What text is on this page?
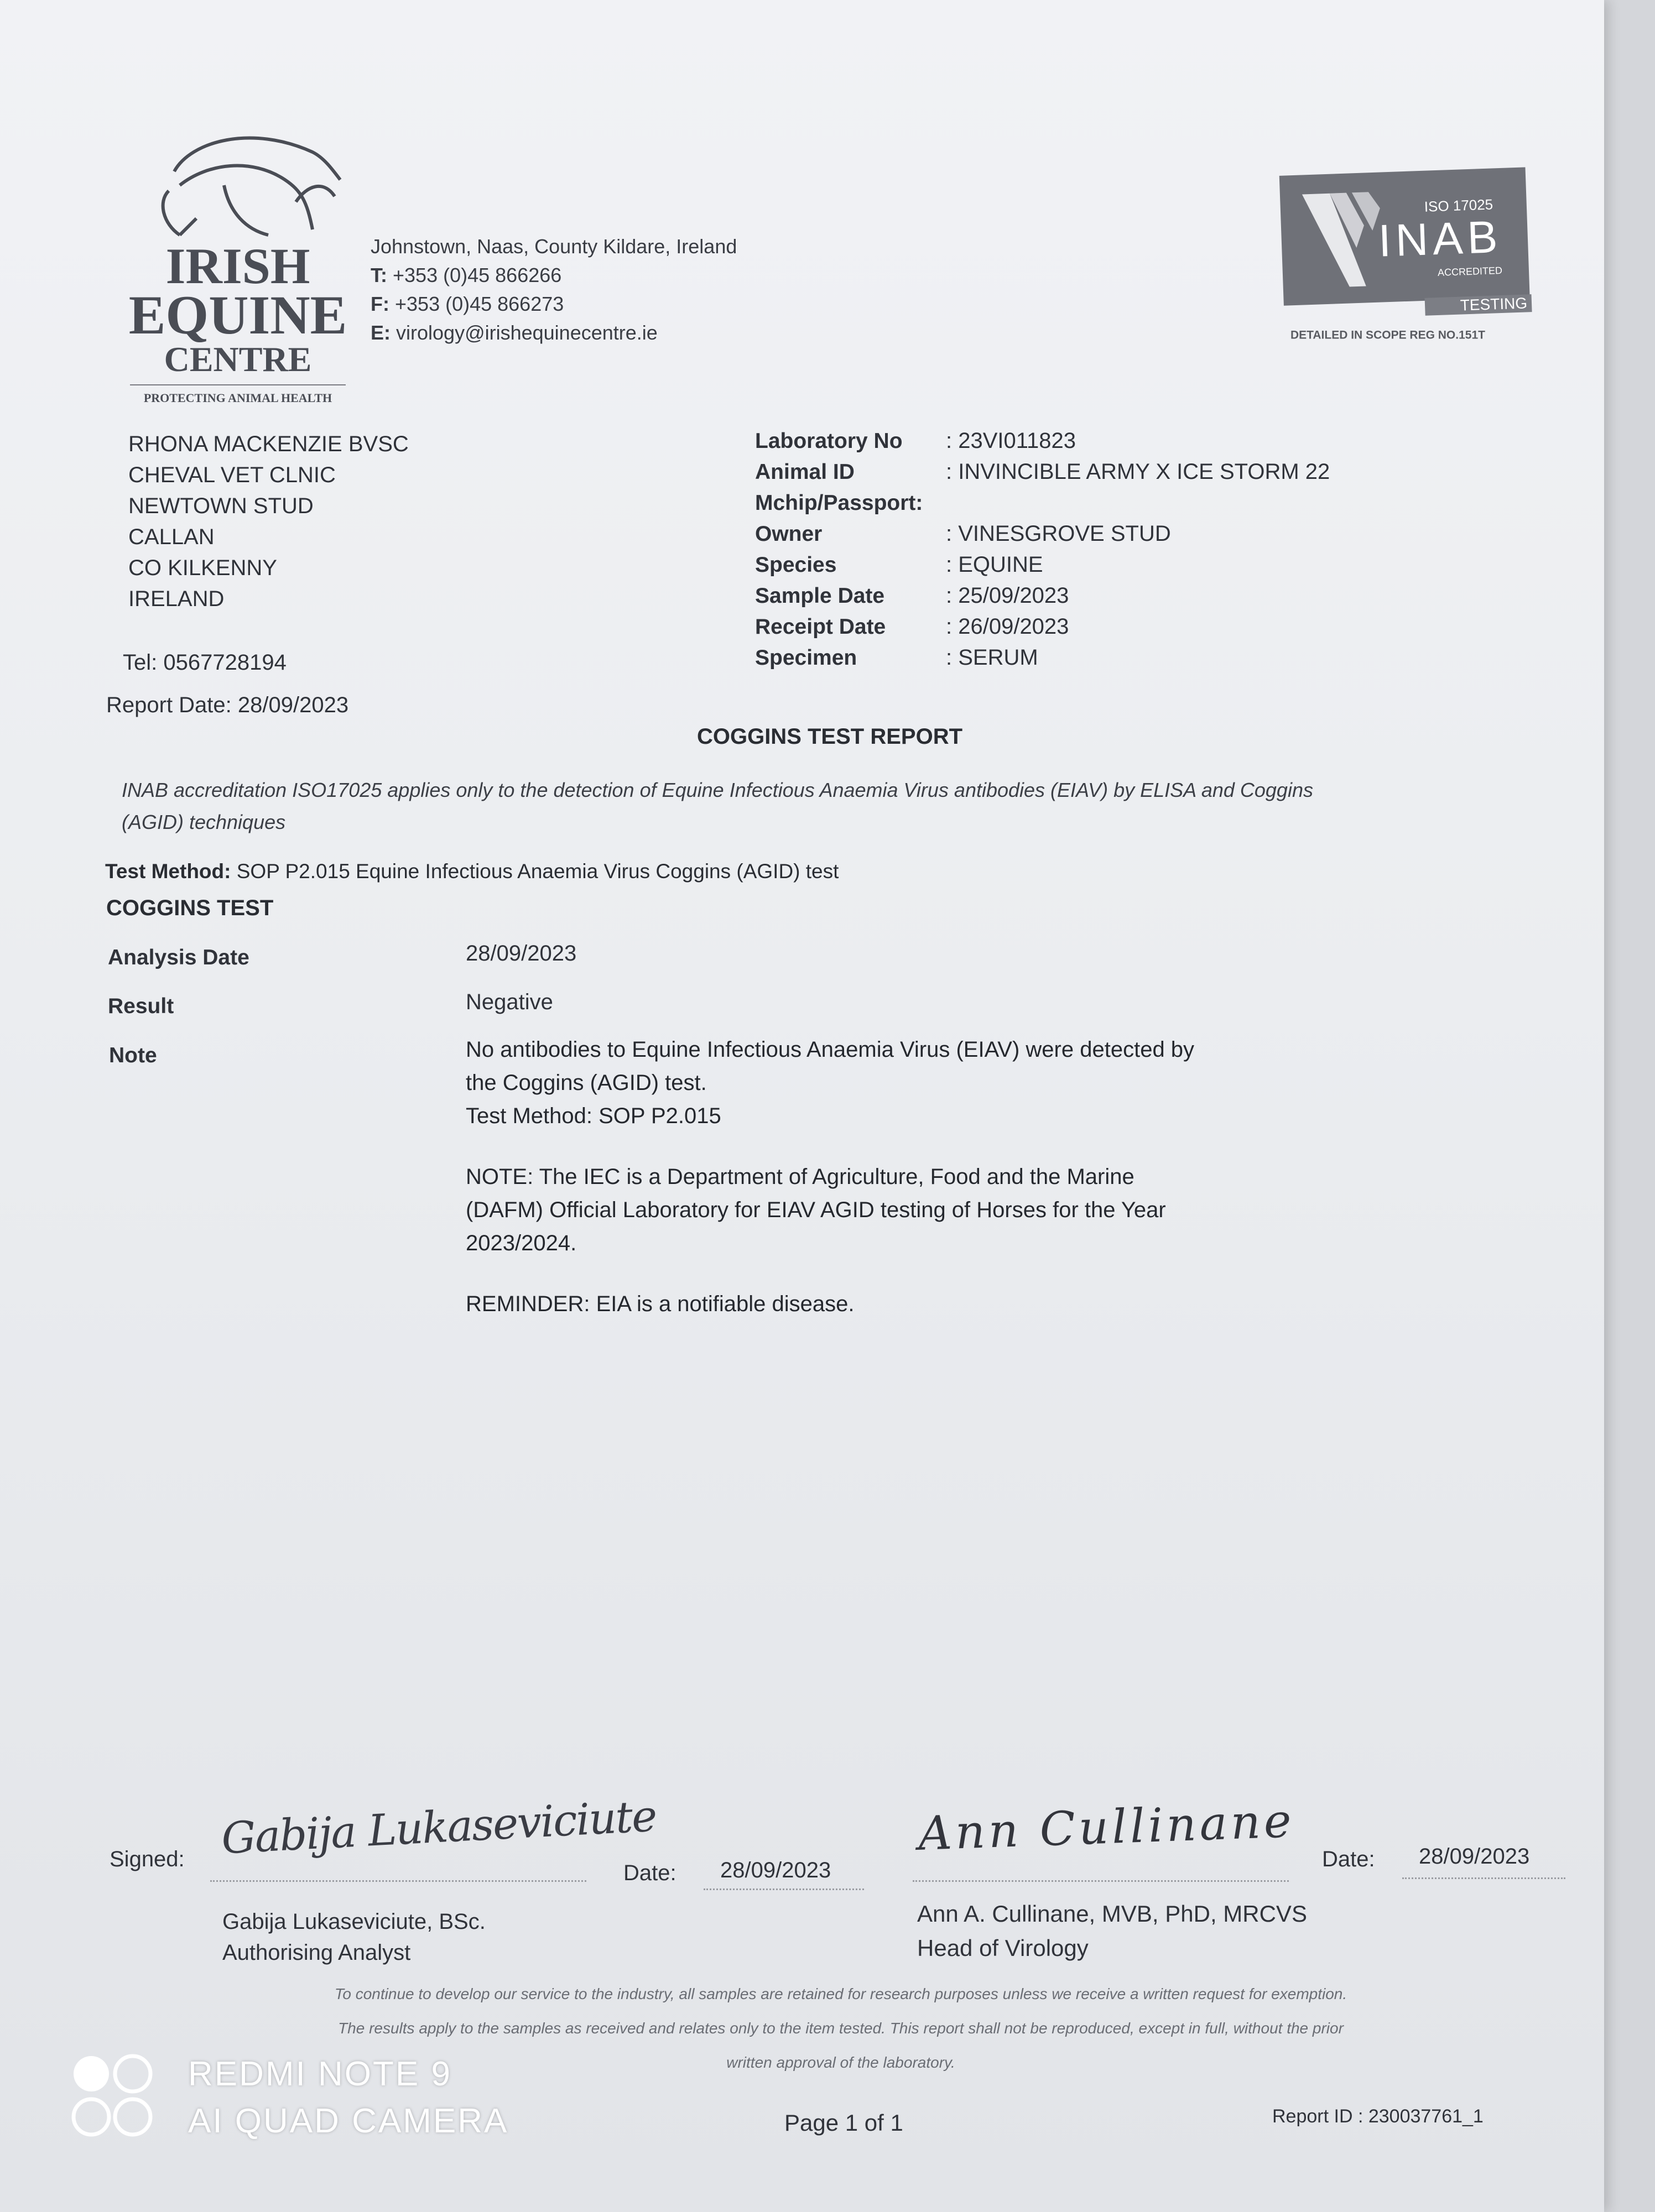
IRISH
EQUINE
CENTRE
PROTECTING ANIMAL HEALTH
Johnstown, Naas, County Kildare, Ireland
T: +353 (0)45 866266
F: +353 (0)45 866273
E: virology@irishequinecentre.ie
ISO 17025
INAB
ACCREDITED
TESTING
DETAILED IN SCOPE REG NO.151T
RHONA MACKENZIE BVSC
CHEVAL VET CLNIC
NEWTOWN STUD
CALLAN
CO KILKENNY
IRELAND
Tel: 0567728194
Report Date: 28/09/2023
Laboratory No : 23VI011823
Animal ID	: INVINCIBLE ARMY X ICE STORM 22
Mchip/Passport:
Owner	: VINESGROVE STUD
Species	: EQUINE
Sample Date	: 25/09/2023
Receipt Date	: 26/09/2023
Specimen	: SERUM
COGGINS TEST REPORT
INAB accreditation ISO17025 applies only to the detection of Equine Infectious Anaemia Virus antibodies (EIAV) by ELISA and Coggins (AGID) techniques
Test Method: SOP P2.015 Equine Infectious Anaemia Virus Coggins (AGID) test
COGGINS TEST
Analysis Date	28/09/2023
Result	Negative
Note	No antibodies to Equine Infectious Anaemia Virus (EIAV) were detected by
the Coggins (AGID) test.
Test Method: SOP P2.015
NOTE: The IEC is a Department of Agriculture, Food and the Marine
(DAFM) Official Laboratory for EIAV AGID testing of Horses for the Year
2023/2024.
REMINDER: EIA is a notifiable disease.
Signed: Gabija Lukaseviciute
Date: 28/09/2023
Ann Cullinane Date: 28/09/2023
Gabija Lukaseviciute, BSc.
Authorising Analyst
Ann A. Cullinane, MVB, PhD, MRCVS
Head of Virology
To continue to develop our service to the industry, all samples are retained for research purposes unless we receive a written request for exemption.
The results apply to the samples as received and relates only to the item tested. This report shall not be reproduced, except in full, without the prior
written approval of the laboratory.
Page 1 of 1	Report ID : 230037761_1
REDMI NOTE 9
AI QUAD CAMERA
